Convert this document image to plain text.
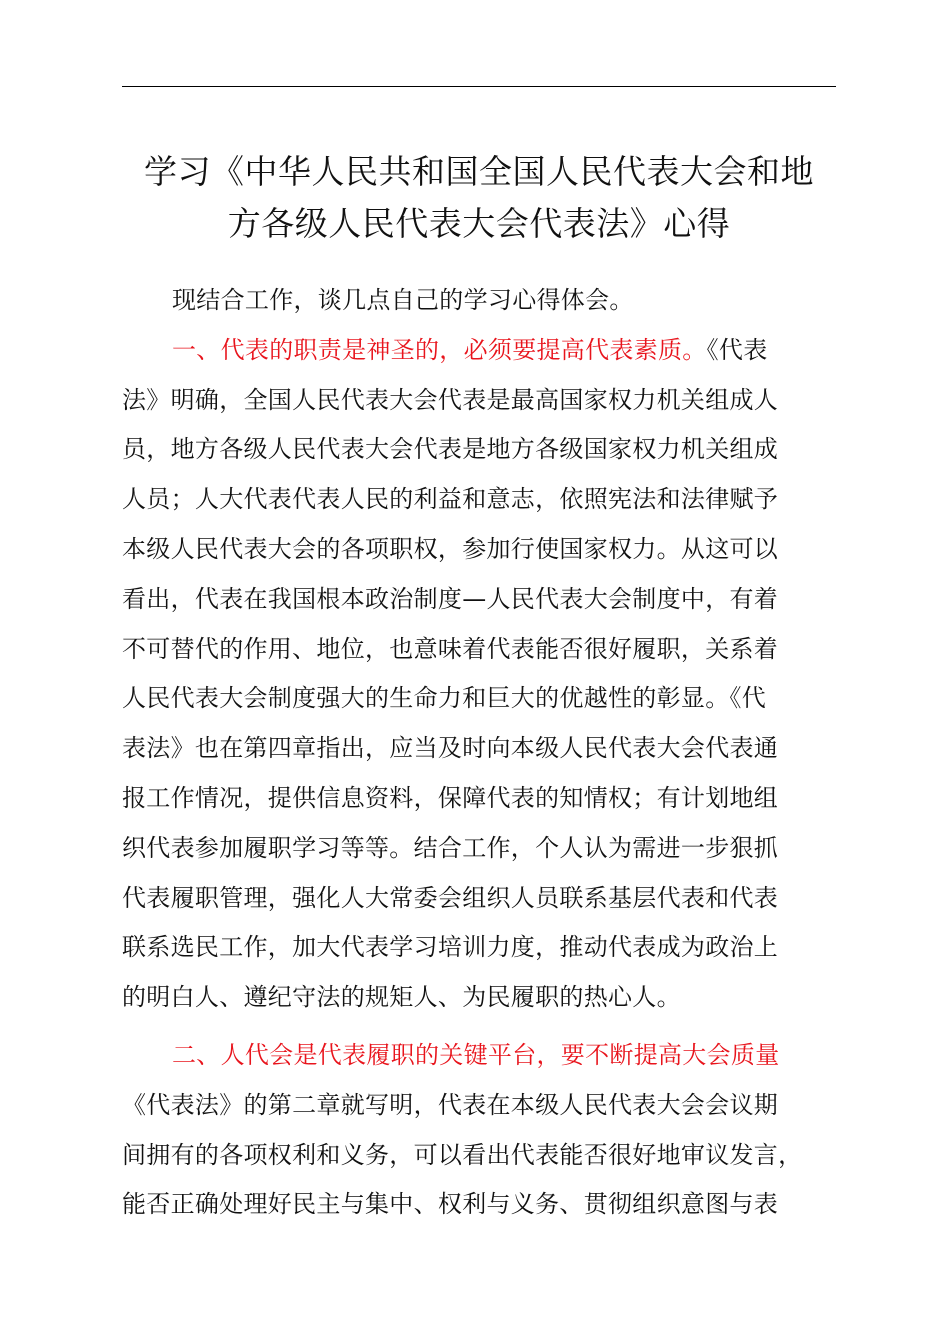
学习《中华人民共和国全国人民代表大会和地
方各级人民代表大会代表法》心得
现结合工作，谈几点自己的学习心得体会。
一、代表的职责是神圣的，必须要提高代表素质。《代表
法》明确，全国人民代表大会代表是最高国家权力机关组成人
员，地方各级人民代表大会代表是地方各级国家权力机关组成
人员；人大代表代表人民的利益和意志，依照宪法和法律赋予
本级人民代表大会的各项职权，参加行使国家权力。从这可以
看出，代表在我国根本政治制度—人民代表大会制度中，有着
不可替代的作用、地位，也意味着代表能否很好履职，关系着
人民代表大会制度强大的生命力和巨大的优越性的彰显。《代
表法》也在第四章指出，应当及时向本级人民代表大会代表通
报工作情况，提供信息资料，保障代表的知情权；有计划地组
织代表参加履职学习等等。结合工作，个人认为需进一步狠抓
代表履职管理，强化人大常委会组织人员联系基层代表和代表
联系选民工作，加大代表学习培训力度，推动代表成为政治上
的明白人、遵纪守法的规矩人、为民履职的热心人。
二、人代会是代表履职的关键平台，要不断提高大会质量
《代表法》的第二章就写明，代表在本级人民代表大会会议期
间拥有的各项权利和义务，可以看出代表能否很好地审议发言，
能否正确处理好民主与集中、权利与义务、贯彻组织意图与表
